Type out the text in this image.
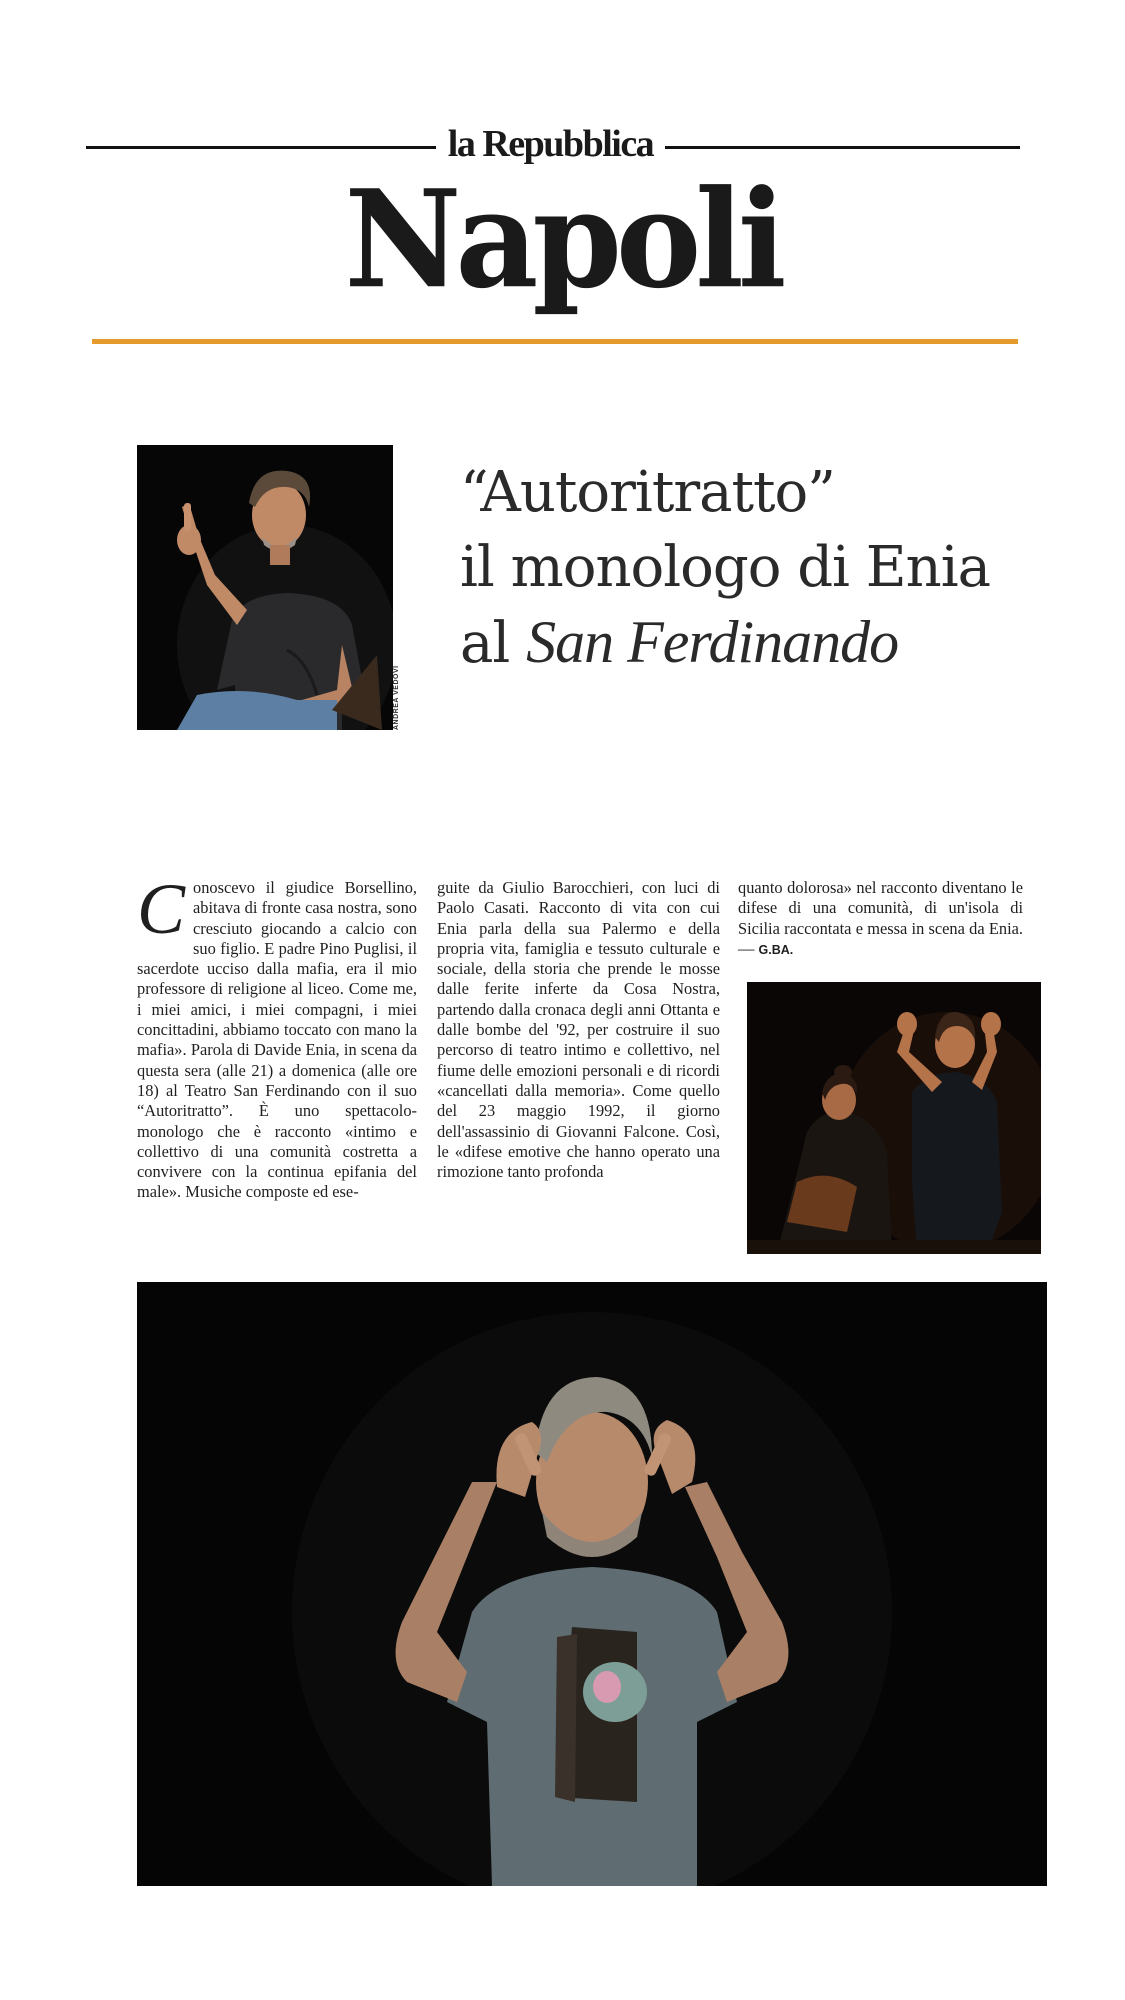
la Repubblica
Napoli
ANDREA VEDOVI
“Autoritratto”
il monologo di Enia
al San Ferdinando
Conoscevo il giudice Borsellino, abitava di fronte casa nostra, sono cresciuto giocando a calcio con suo figlio. E padre Pino Puglisi, il sacerdote ucciso dalla mafia, era il mio professore di religione al liceo. Come me, i miei amici, i miei compagni, i miei concittadini, abbiamo toccato con mano la mafia». Parola di Davide Enia, in scena da questa sera (alle 21) a domenica (alle ore 18) al Teatro San Ferdinando con il suo “Autoritratto”. È uno spettacolo-monologo che è racconto «intimo e collettivo di una comunità costretta a convivere con la continua epifania del male». Musiche composte ed ese-
guite da Giulio Barocchieri, con luci di Paolo Casati. Racconto di vita con cui Enia parla della sua Palermo e della propria vita, famiglia e tessuto culturale e sociale, della storia che prende le mosse dalle ferite inferte da Cosa Nostra, partendo dalla cronaca degli anni Ottanta e dalle bombe del '92, per costruire il suo percorso di teatro intimo e collettivo, nel fiume delle emozioni personali e di ricordi «cancellati dalla memoria». Come quello del 23 maggio 1992, il giorno dell'assassinio di Giovanni Falcone. Così, le «difese emotive che hanno operato una rimozione tanto profonda
quanto dolorosa» nel racconto diventano le difese di una comunità, di un'isola di Sicilia raccontata e messa in scena da Enia. — G.BA.
